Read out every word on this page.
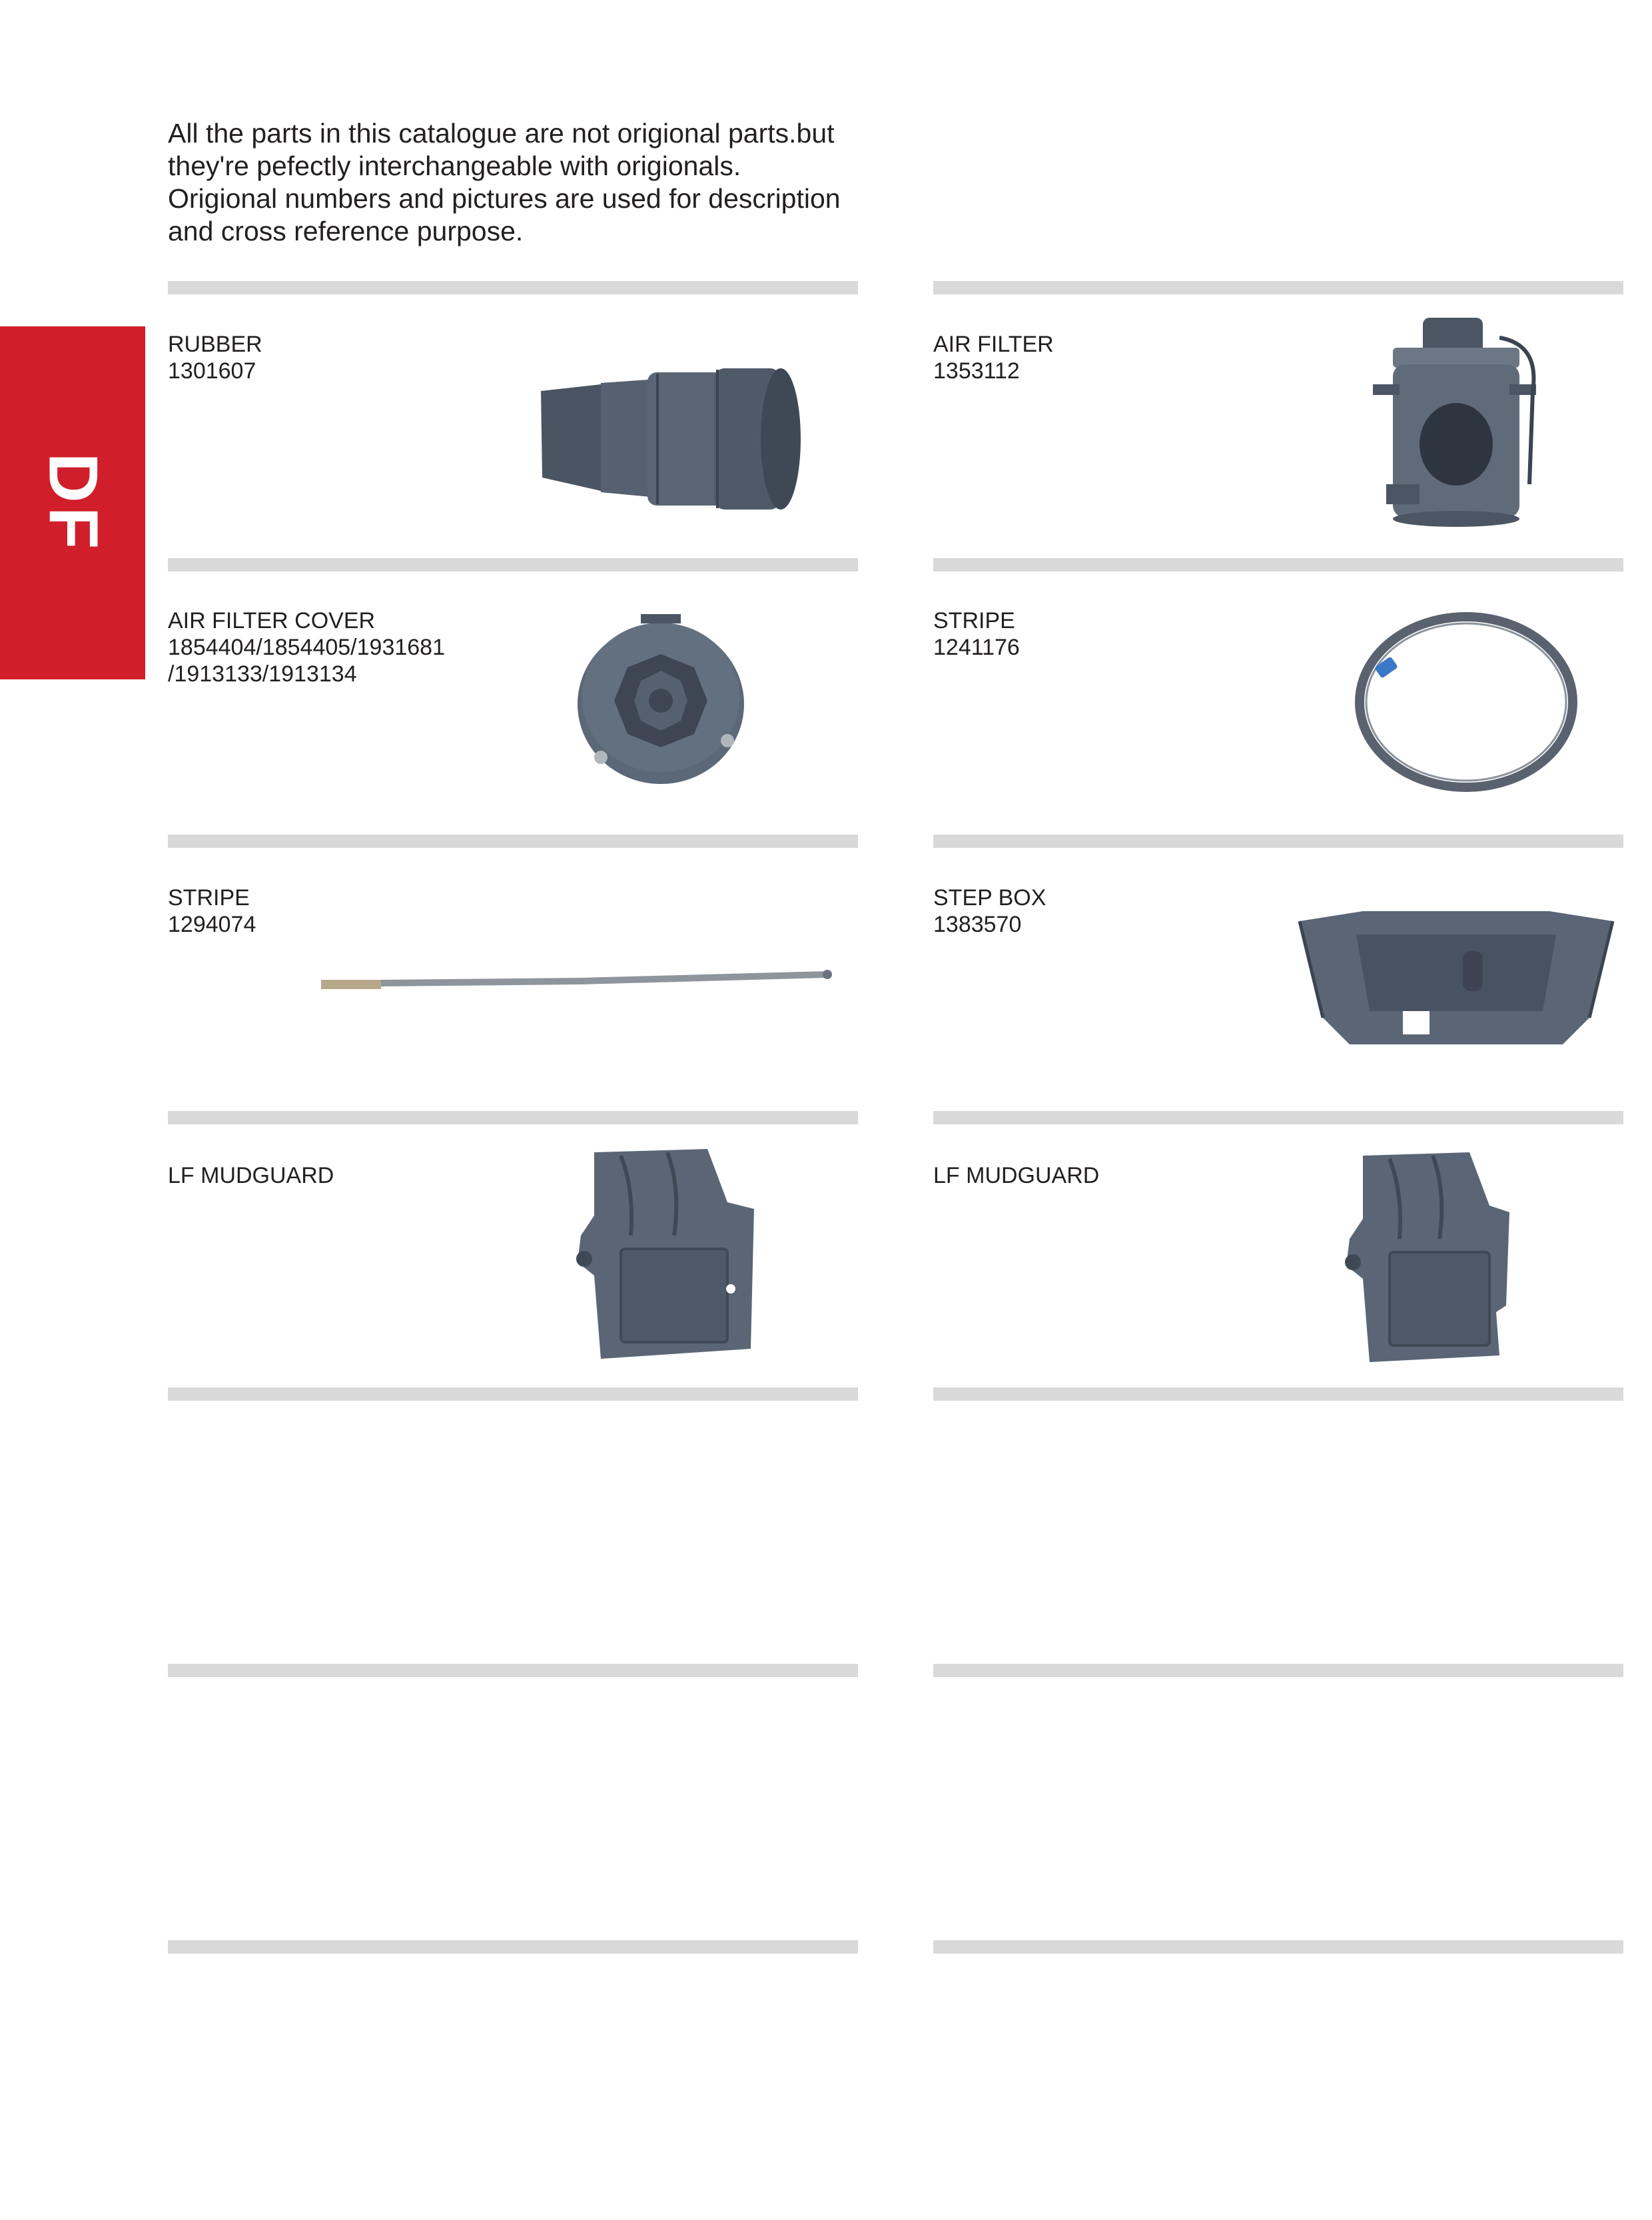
All the parts in this catalogue are not origional parts.but
they're pefectly interchangeable with origionals.
Origional numbers and pictures are used for description
and cross reference purpose.
DF

RUBBER

1301607

AIR FILTER

1353112

AIR FILTER COVER

1854404/1854405/1931681

/1913133/1913134

STRIPE

1241176

STRIPE

1294074

STEP BOX

1383570

LF MUDGUARD	LF MUDGUARD
